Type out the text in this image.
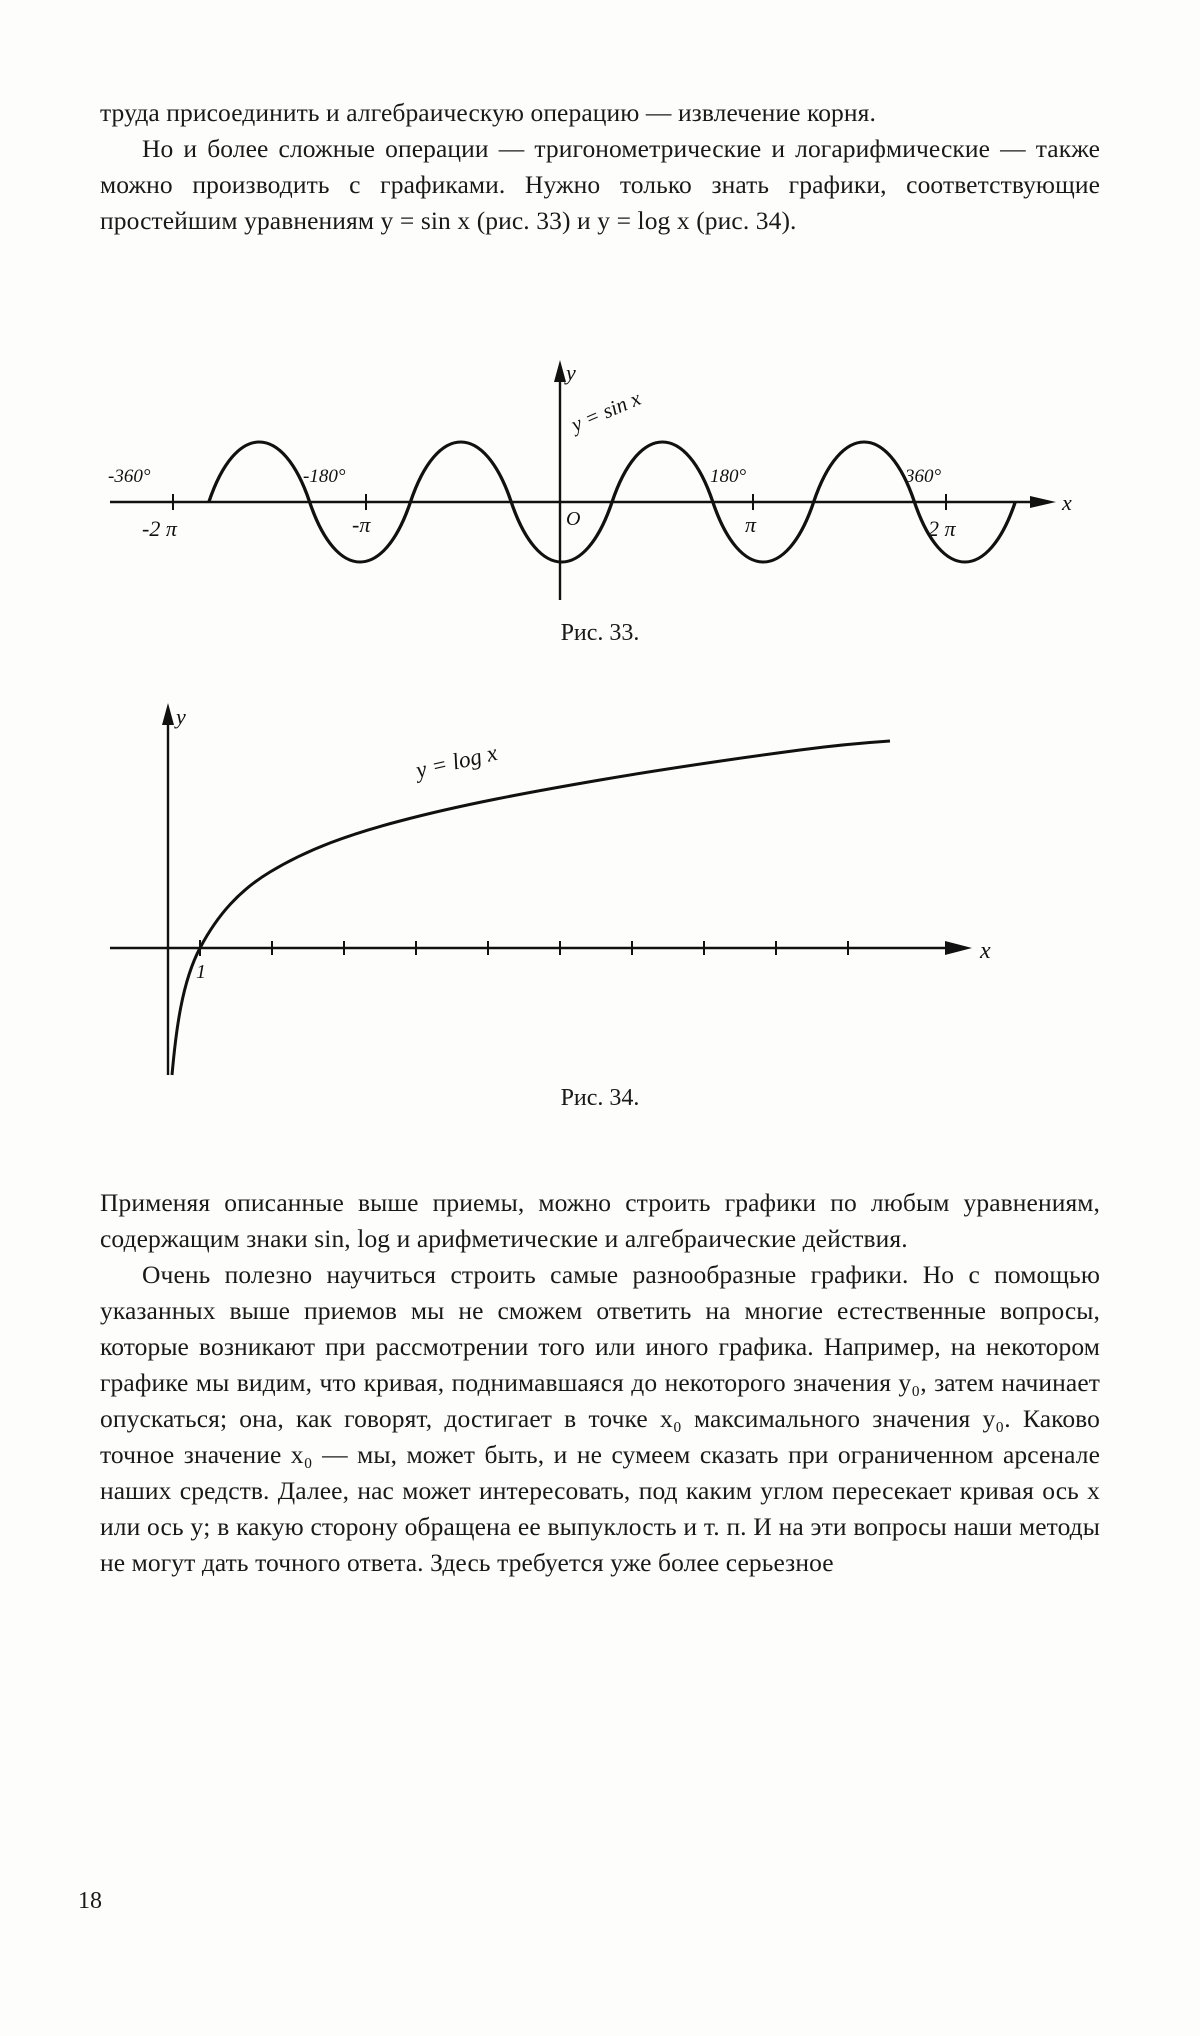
труда присоединить и алгебраическую операцию — извлечение корня.

Но и более сложные операции — тригонометрические и логарифмические — также можно производить с графиками. Нужно только знать графики, соответствующие простейшим уравнениям y = sin x (рис. 33) и y = log x (рис. 34).

y
x
O
y = sin x
-360°	-180°	180°	360°
-2 π	-π	π	2 π
Рис. 33.
y
x
1
y = log x
Рис. 34.

Применяя описанные выше приемы, можно строить графики по любым уравнениям, содержащим знаки sin, log и арифметические и алгебраические действия.

Очень полезно научиться строить самые разнообразные графики. Но с помощью указанных выше приемов мы не сможем ответить на многие естественные вопросы, которые возникают при рассмотрении того или иного графика. Например, на некотором графике мы видим, что кривая, поднимавшаяся до некоторого значения y₀, затем начинает опускаться; она, как говорят, достигает в точке x₀ максимального значения y₀. Каково точное значение x₀ — мы, может быть, и не сумеем сказать при ограниченном арсенале наших средств. Далее, нас может интересовать, под каким углом пересекает кривая ось x или ось y; в какую сторону обращена ее выпуклость и т. п. И на эти вопросы наши методы не могут дать точного ответа. Здесь требуется уже более серьезное

18
